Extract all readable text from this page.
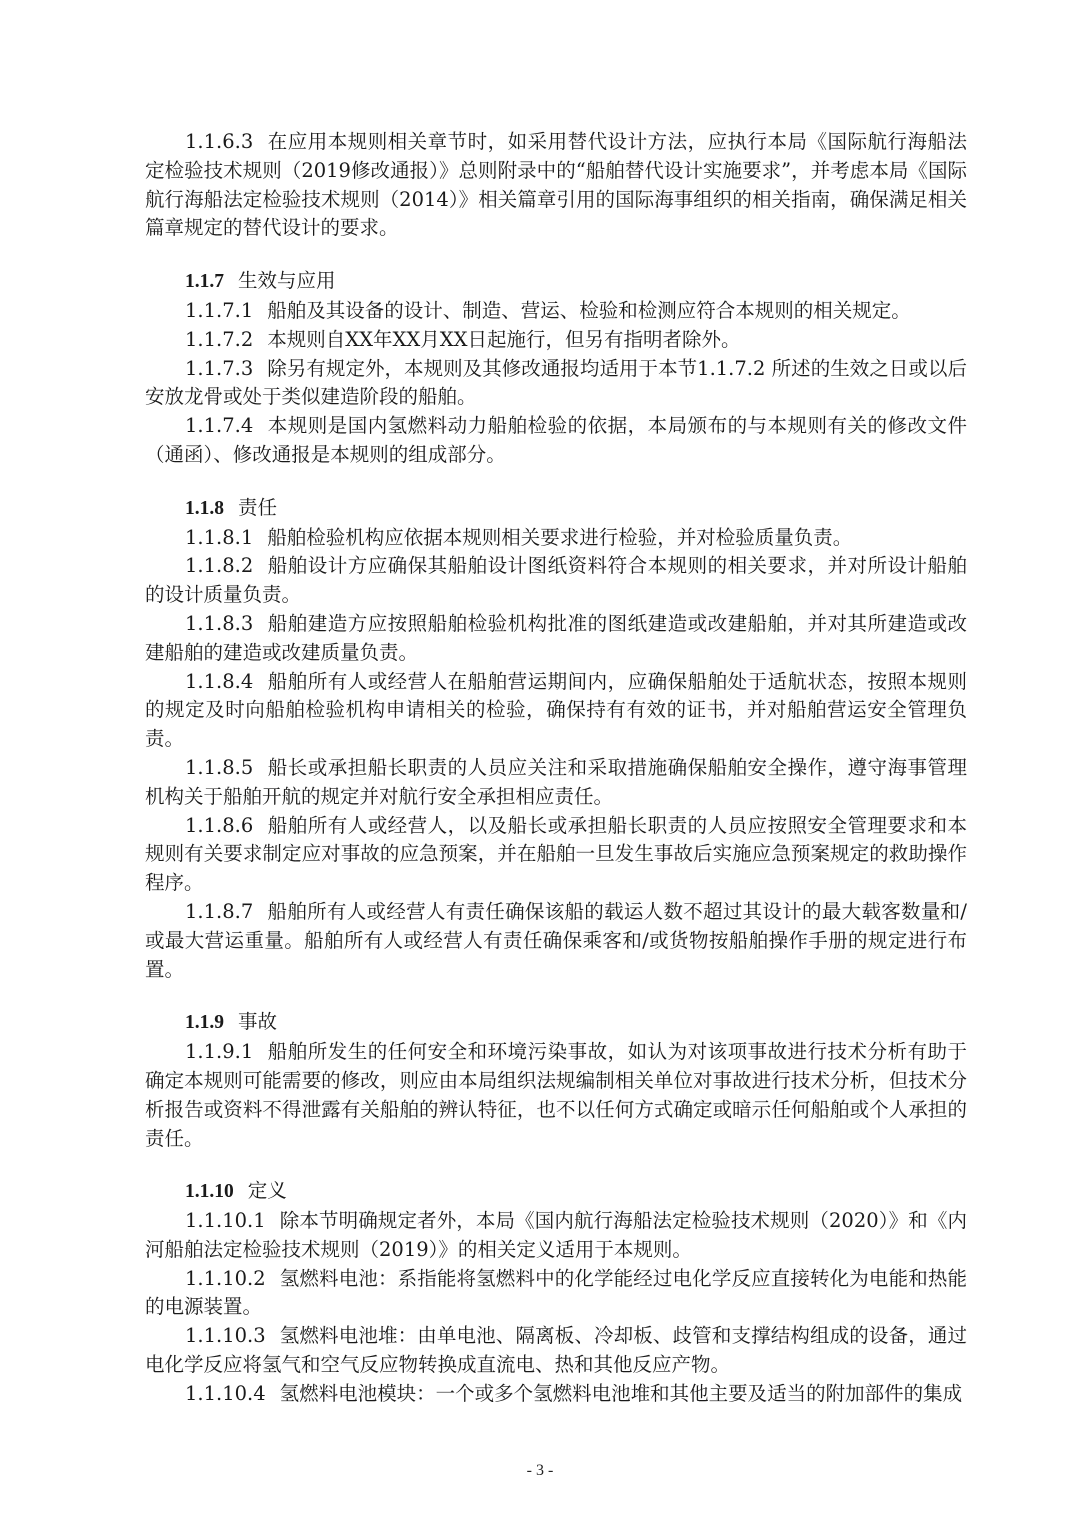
1.1.6.3 在应用本规则相关章节时，如采用替代设计方法，应执行本局《国际航行海船法定检验技术规则（2019修改通报）》总则附录中的“船舶替代设计实施要求”，并考虑本局《国际航行海船法定检验技术规则（2014）》相关篇章引用的国际海事组织的相关指南，确保满足相关篇章规定的替代设计的要求。

1.1.7 生效与应用

1.1.7.1 船舶及其设备的设计、制造、营运、检验和检测应符合本规则的相关规定。

1.1.7.2 本规则自XX年XX月XX日起施行，但另有指明者除外。

1.1.7.3 除另有规定外，本规则及其修改通报均适用于本节1.1.7.2 所述的生效之日或以后安放龙骨或处于类似建造阶段的船舶。

1.1.7.4 本规则是国内氢燃料动力船舶检验的依据，本局颁布的与本规则有关的修改文件（通函）、修改通报是本规则的组成部分。

1.1.8 责任

1.1.8.1 船舶检验机构应依据本规则相关要求进行检验，并对检验质量负责。

1.1.8.2 船舶设计方应确保其船舶设计图纸资料符合本规则的相关要求，并对所设计船舶的设计质量负责。

1.1.8.3 船舶建造方应按照船舶检验机构批准的图纸建造或改建船舶，并对其所建造或改建船舶的建造或改建质量负责。

1.1.8.4 船舶所有人或经营人在船舶营运期间内，应确保船舶处于适航状态，按照本规则的规定及时向船舶检验机构申请相关的检验，确保持有有效的证书，并对船舶营运安全管理负责。

1.1.8.5 船长或承担船长职责的人员应关注和采取措施确保船舶安全操作，遵守海事管理机构关于船舶开航的规定并对航行安全承担相应责任。

1.1.8.6 船舶所有人或经营人，以及船长或承担船长职责的人员应按照安全管理要求和本规则有关要求制定应对事故的应急预案，并在船舶一旦发生事故后实施应急预案规定的救助操作程序。

1.1.8.7 船舶所有人或经营人有责任确保该船的载运人数不超过其设计的最大载客数量和/或最大营运重量。船舶所有人或经营人有责任确保乘客和/或货物按船舶操作手册的规定进行布置。

1.1.9 事故

1.1.9.1 船舶所发生的任何安全和环境污染事故，如认为对该项事故进行技术分析有助于确定本规则可能需要的修改，则应由本局组织法规编制相关单位对事故进行技术分析，但技术分析报告或资料不得泄露有关船舶的辨认特征，也不以任何方式确定或暗示任何船舶或个人承担的责任。

1.1.10 定义

1.1.10.1 除本节明确规定者外，本局《国内航行海船法定检验技术规则（2020）》和《内河船舶法定检验技术规则（2019）》的相关定义适用于本规则。

1.1.10.2 氢燃料电池：系指能将氢燃料中的化学能经过电化学反应直接转化为电能和热能的电源装置。

1.1.10.3 氢燃料电池堆：由单电池、隔离板、冷却板、歧管和支撑结构组成的设备，通过电化学反应将氢气和空气反应物转换成直流电、热和其他反应产物。

1.1.10.4 氢燃料电池模块：一个或多个氢燃料电池堆和其他主要及适当的附加部件的集成

- 3 -
